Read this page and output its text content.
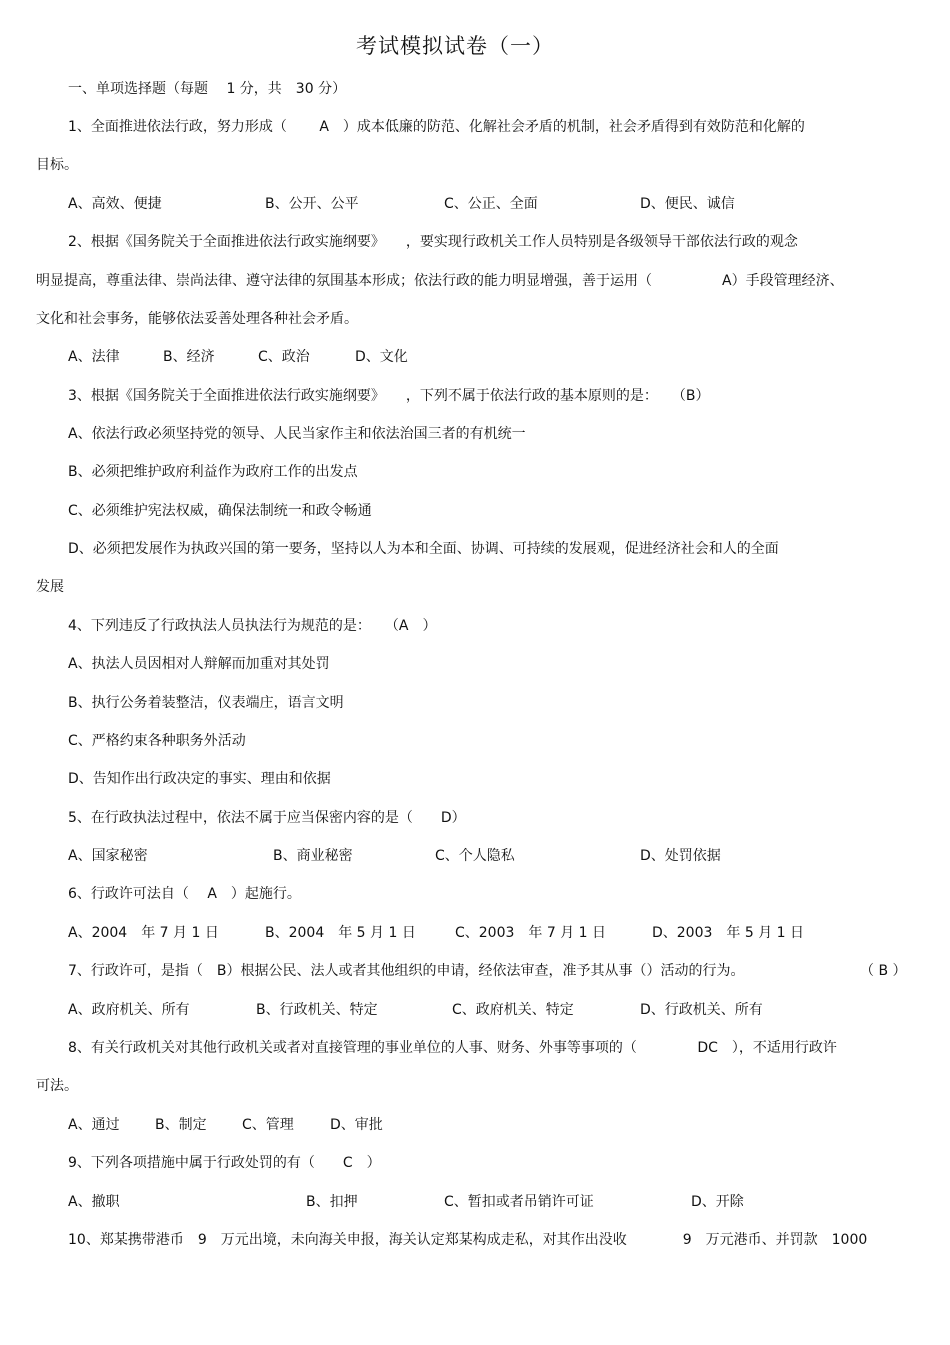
考试模拟试卷（一）
一、单项选择题（每题　 1 分，共　30 分）
1、全面推进依法行政，努力形成（　　 A　）成本低廉的防范、化解社会矛盾的机制，社会矛盾得到有效防范和化解的
目标。
A、高效、便捷	B、公开、公平	C、公正、全面	D、便民、诚信
2、根据《国务院关于全面推进依法行政实施纲要》　　，要实现行政机关工作人员特别是各级领导干部依法行政的观念
明显提高，尊重法律、崇尚法律、遵守法律的氛围基本形成；依法行政的能力明显增强，善于运用（　　　　　A）手段管理经济、
文化和社会事务，能够依法妥善处理各种社会矛盾。
A、法律	B、经济	C、政治	D、文化
3、根据《国务院关于全面推进依法行政实施纲要》　　，下列不属于依法行政的基本原则的是：　　（B）
A、依法行政必须坚持党的领导、人民当家作主和依法治国三者的有机统一
B、必须把维护政府利益作为政府工作的出发点
C、必须维护宪法权威，确保法制统一和政令畅通
D、必须把发展作为执政兴国的第一要务，坚持以人为本和全面、协调、可持续的发展观，促进经济社会和人的全面
发展
4、下列违反了行政执法人员执法行为规范的是：　　（A　）
A、执法人员因相对人辩解而加重对其处罚
B、执行公务着装整洁，仪表端庄，语言文明
C、严格约束各种职务外活动
D、告知作出行政决定的事实、理由和依据
5、在行政执法过程中，依法不属于应当保密内容的是（　　D）
A、国家秘密	B、商业秘密	C、个人隐私	D、处罚依据
6、行政许可法自（　 A　）起施行。
A、2004　年 7 月 1 日	B、2004　年 5 月 1 日	C、2003　年 7 月 1 日	D、2003　年 5 月 1 日
7、行政许可，是指（　B）根据公民、法人或者其他组织的申请，经依法审查，准予其从事（）活动的行为。	（ B ）
A、政府机关、所有	B、行政机关、特定	C、政府机关、特定	D、行政机关、所有
8、有关行政机关对其他行政机关或者对直接管理的事业单位的人事、财务、外事等事项的（　　　　 DC　），不适用行政许
可法。
A、通过	B、制定	C、管理	D、审批
9、下列各项措施中属于行政处罚的有（　　C　）
A、撤职	B、扣押	C、暂扣或者吊销许可证	D、开除
10、郑某携带港币　9　万元出境，未向海关申报，海关认定郑某构成走私，对其作出没收　　　　9　万元港币、并罚款　1000
